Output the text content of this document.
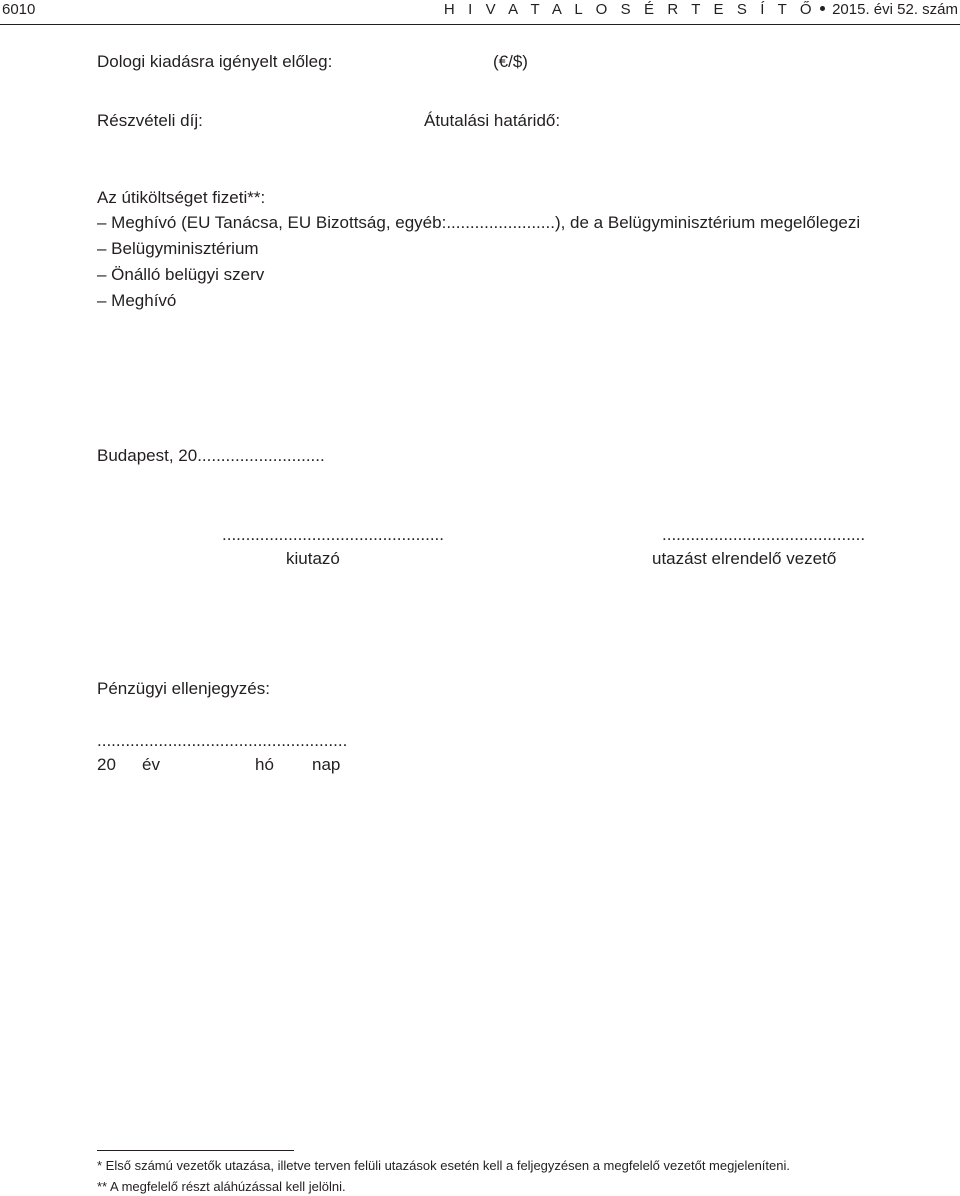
6010	H I V A T A L O S É R T E S Í T Ő 2015. évi 52. szám
Dologi kiadásra igényelt előleg:	(€/$)
Részvételi díj:	Átutalási határidő:
Az útiköltséget fizeti**:
– Meghívó (EU Tanácsa, EU Bizottság, egyéb:.......................), de a Belügyminisztérium megelőlegezi
– Belügyminisztérium
– Önálló belügyi szerv
– Meghívó
Budapest, 20...........................
...............................................
kiutazó
...........................................
utazást elrendelő vezető
Pénzügyi ellenjegyzés:
.....................................................
20 év	hó nap
* Első számú vezetők utazása, illetve terven felüli utazások esetén kell a feljegyzésen a megfelelő vezetőt megjeleníteni.
** A megfelelő részt aláhúzással kell jelölni.
